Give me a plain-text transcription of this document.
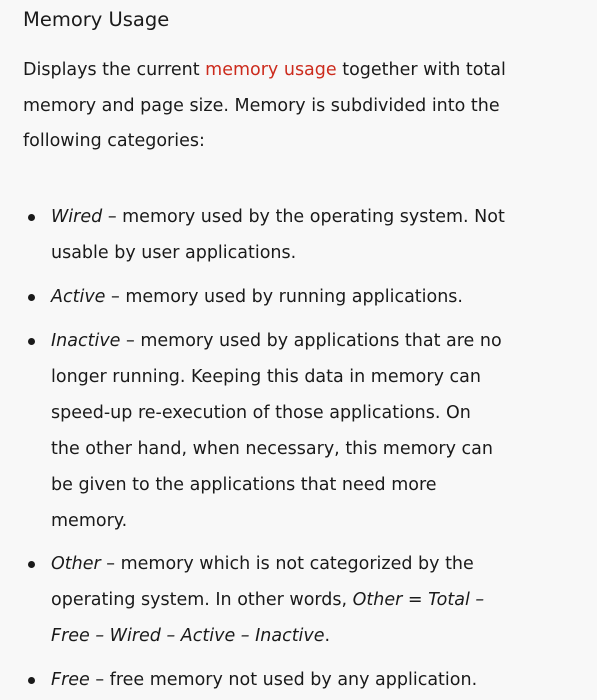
Memory Usage

Displays the current memory usage together with total
memory and page size. Memory is subdivided into the
following categories:

Wired – memory used by the operating system. Not
usable by user applications.
Active – memory used by running applications.
Inactive – memory used by applications that are no
longer running. Keeping this data in memory can
speed-up re-execution of those applications. On
the other hand, when necessary, this memory can
be given to the applications that need more
memory.
Other – memory which is not categorized by the
operating system. In other words, Other = Total –
Free – Wired – Active – Inactive.
Free – free memory not used by any application.
